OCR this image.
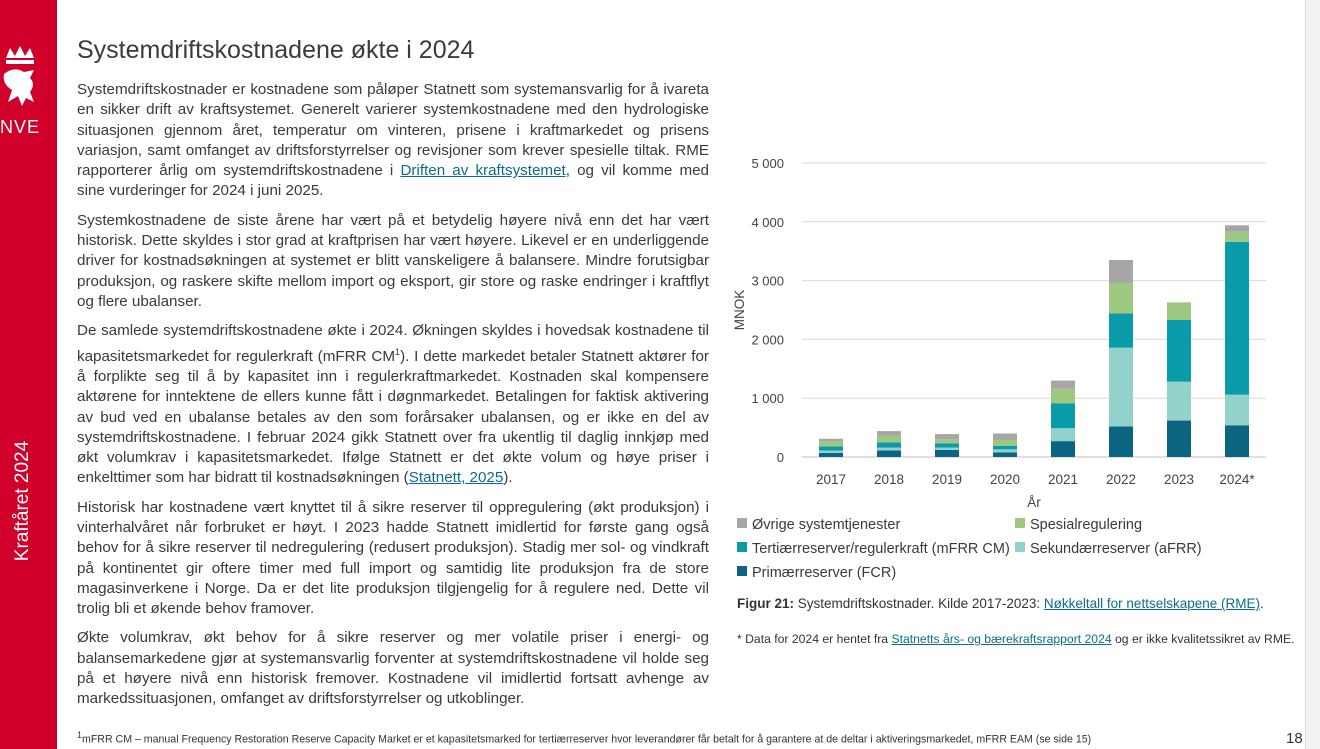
NVE
Kraftåret 2024
Systemdriftskostnadene økte i 2024

Systemdriftskostnader er kostnadene som påløper Statnett som systemansvarlig for å ivareta en sikker drift av kraftsystemet. Generelt varierer systemkostnadene med den hydrologiske situasjonen gjennom året, temperatur om vinteren, prisene i kraftmarkedet og prisens variasjon, samt omfanget av driftsforstyrrelser og revisjoner som krever spesielle tiltak. RME rapporterer årlig om systemdriftskostnadene i Driften av kraftsystemet, og vil komme med sine vurderinger for 2024 i juni 2025.

Systemkostnadene de siste årene har vært på et betydelig høyere nivå enn det har vært historisk. Dette skyldes i stor grad at kraftprisen har vært høyere. Likevel er en underliggende driver for kostnadsøkningen at systemet er blitt vanskeligere å balansere. Mindre forutsigbar produksjon, og raskere skifte mellom import og eksport, gir store og raske endringer i kraftflyt og flere ubalanser.

De samlede systemdriftskostnadene økte i 2024. Økningen skyldes i hovedsak kostnadene til kapasitetsmarkedet for regulerkraft (mFRR $CM^1$). I dette markedet betaler Statnett aktører for å forplikte seg til å by kapasitet inn i regulerkraftmarkedet. Kostnaden skal kompensere aktørene for inntektene de ellers kunne fått i døgnmarkedet. Betalingen for faktisk aktivering av bud ved en ubalanse betales av den som forårsaker ubalansen, og er ikke en del av systemdriftskostnadene. I februar 2024 gikk Statnett over fra ukentlig til daglig innkjøp med økt volumkrav i kapasitetsmarkedet. Ifølge Statnett er det økte volum og høye priser i enkelttimer som har bidratt til kostnadsøkningen (Statnett, 2025).

Historisk har kostnadene vært knyttet til å sikre reserver til oppregulering (økt produksjon) i vinterhalvåret når forbruket er høyt. I 2023 hadde Statnett imidlertid for første gang også behov for å sikre reserver til nedregulering (redusert produksjon). Stadig mer sol- og vindkraft på kontinentet gir oftere timer med full import og samtidig lite produksjon fra de store magasinverkene i Norge. Da er det lite produksjon tilgjengelig for å regulere ned. Dette vil trolig bli et økende behov framover.

Økte volumkrav, økt behov for å sikre reserver og mer volatile priser i energi- og balansemarkedene gjør at systemansvarlig forventer at systemdriftskostnadene vil holde seg på et høyere nivå enn historisk fremover. Kostnadene vil imidlertid fortsatt avhenge av markedssituasjonen, omfanget av driftsforstyrrelser og utkoblinger.

0
1 000
2 000
3 000
4 000
5 000
2017 2018 2019 2020 2021 2022 2023 2024*
År
MNOK
Øvrige systemtjenester	Spesialregulering
Tertiærreserver/regulerkraft (mFRR CM)	Sekundærreserver (aFRR)
Primærreserver (FCR)
Figur 21: Systemdriftskostnader. Kilde 2017-2023: Nøkkeltall for nettselskapene (RME).
* Data for 2024 er hentet fra Statnetts års- og bærekraftsrapport 2024 og er ikke kvalitetssikret av RME.
$^1$mFRR CM – manual Frequency Restoration Reserve Capacity Market er et kapasitetsmarked for tertiærreserver hvor leverandører får betalt for å garantere at de deltar i aktiveringsmarkedet, mFRR EAM (se side 15)	18
